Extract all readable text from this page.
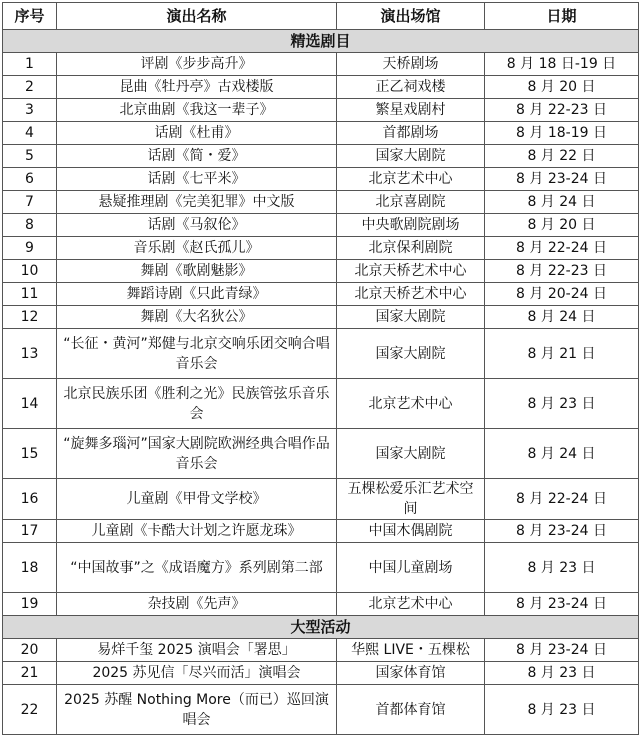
序号	演出名称	演出场馆	日期
精选剧目			
1	评剧《步步高升》	天桥剧场	8 月 18 日-19 日
2	昆曲《牡丹亭》古戏楼版	正乙祠戏楼	8 月 20 日
3	北京曲剧《我这一辈子》	繁星戏剧村	8 月 22-23 日
4	话剧《杜甫》	首都剧场	8 月 18-19 日
5	话剧《简・爱》	国家大剧院	8 月 22 日
6	话剧《七平米》	北京艺术中心	8 月 23-24 日
7	悬疑推理剧《完美犯罪》中文版	北京喜剧院	8 月 24 日
8	话剧《马叙伦》	中央歌剧院剧场	8 月 20 日
9	音乐剧《赵氏孤儿》	北京保利剧院	8 月 22-24 日
10	舞剧《歌剧魅影》	北京天桥艺术中心	8 月 22-23 日
11	舞蹈诗剧《只此青绿》	北京天桥艺术中心	8 月 20-24 日
12	舞剧《大名狄公》	国家大剧院	8 月 24 日
13	“长征・黄河”郑健与北京交响乐团交响合唱音乐会	国家大剧院	8 月 21 日
14	北京民族乐团《胜利之光》民族管弦乐音乐会	北京艺术中心	8 月 23 日
15	“旋舞多瑙河”国家大剧院欧洲经典合唱作品音乐会	国家大剧院	8 月 24 日
16	儿童剧《甲骨文学校》	五棵松爱乐汇艺术空间	8 月 22-24 日
17	儿童剧《卡酷大计划之许愿龙珠》	中国木偶剧院	8 月 23-24 日
18	“中国故事”之《成语魔方》系列剧第二部	中国儿童剧场	8 月 23 日
19	杂技剧《先声》	北京艺术中心	8 月 23-24 日
大型活动			
20	易烊千玺 2025 演唱会「署思」	华熙 LIVE・五棵松	8 月 23-24 日
21	2025 苏见信「尽兴而活」演唱会	国家体育馆	8 月 23 日
22	2025 苏醒 Nothing More（而已）巡回演唱会	首都体育馆	8 月 23 日
